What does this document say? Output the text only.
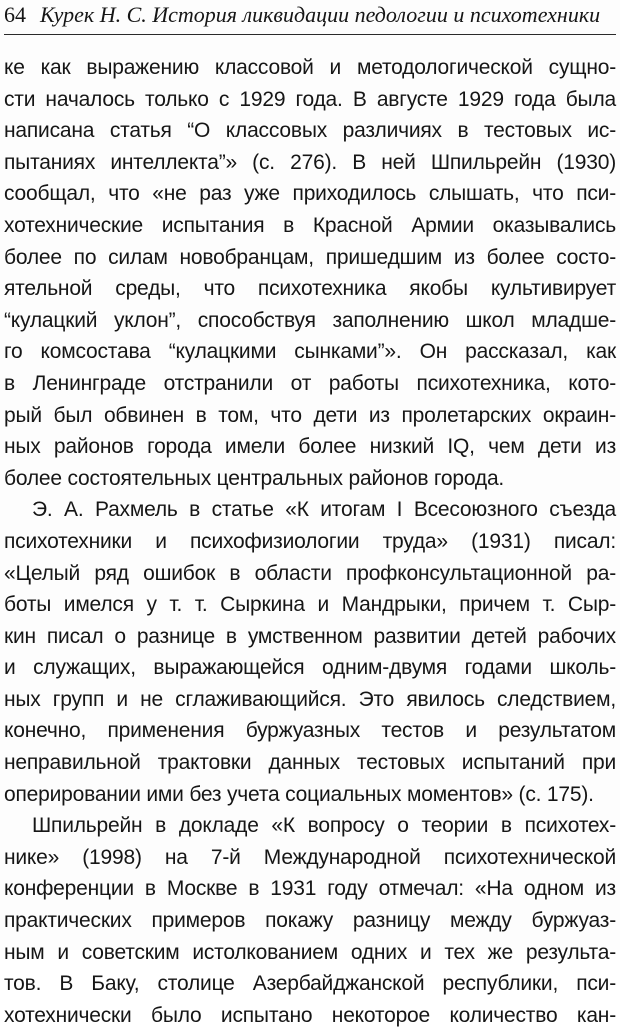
64 Курек Н. С. История ликвидации педологии и психотехники
ке как выражению классовой и методологической сущно-
сти началось только с 1929 года. В августе 1929 года была
написана статья “О классовых различиях в тестовых ис-
пытаниях интеллекта”» (с. 276). В ней Шпильрейн (1930)
сообщал, что «не раз уже приходилось слышать, что пси-
хотехнические испытания в Красной Армии оказывались
более по силам новобранцам, пришедшим из более состо-
ятельной среды, что психотехника якобы культивирует
“кулацкий уклон”, способствуя заполнению школ младше-
го комсостава “кулацкими сынками”». Он рассказал, как
в Ленинграде отстранили от работы психотехника, кото-
рый был обвинен в том, что дети из пролетарских окраин-
ных районов города имели более низкий IQ, чем дети из
более состоятельных центральных районов города.
Э. А. Рахмель в статье «К итогам I Всесоюзного съезда
психотехники и психофизиологии труда» (1931) писал:
«Целый ряд ошибок в области профконсультационной ра-
боты имелся у т. т. Сыркина и Мандрыки, причем т. Сыр-
кин писал о разнице в умственном развитии детей рабочих
и служащих, выражающейся одним-двумя годами школь-
ных групп и не сглаживающийся. Это явилось следствием,
конечно, применения буржуазных тестов и результатом
неправильной трактовки данных тестовых испытаний при
оперировании ими без учета социальных моментов» (с. 175).
Шпильрейн в докладе «К вопросу о теории в психотех-
нике» (1998) на 7-й Международной психотехнической
конференции в Москве в 1931 году отмечал: «На одном из
практических примеров покажу разницу между буржуаз-
ным и советским истолкованием одних и тех же результа-
тов. В Баку, столице Азербайджанской республики, пси-
хотехнически было испытано некоторое количество кан-
